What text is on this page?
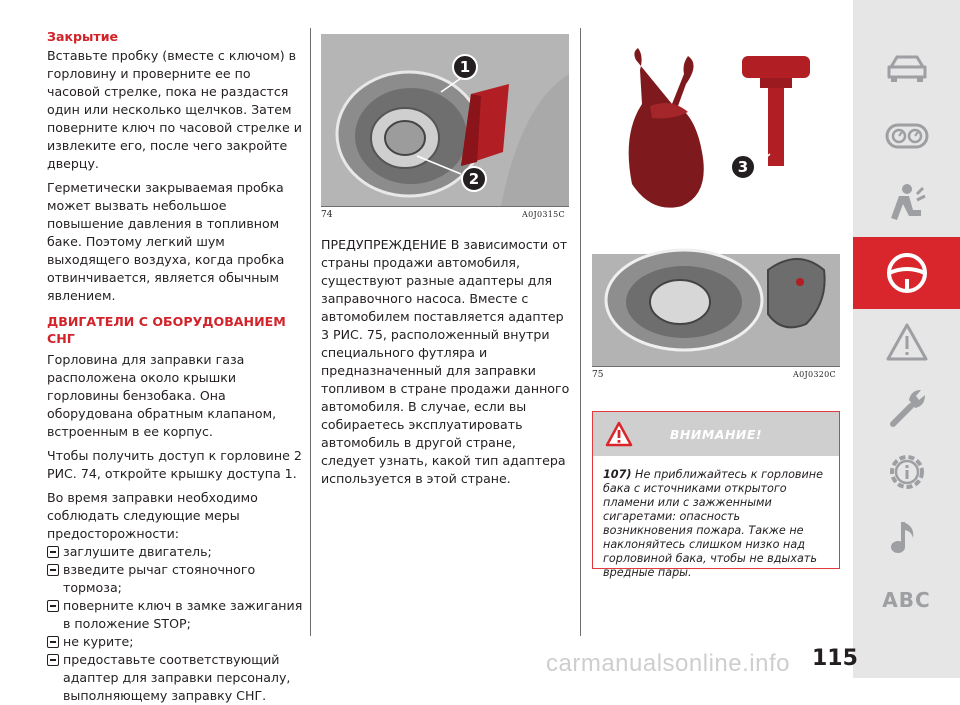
Закрытие

Вставьте пробку (вместе с ключом) в горловину и проверните ее по часовой стрелке, пока не раздастся один или несколько щелчков. Затем поверните ключ по часовой стрелке и извлеките его, после чего закройте дверцу.

Герметически закрываемая пробка может вызвать небольшое повышение давления в топливном баке. Поэтому легкий шум выходящего воздуха, когда пробка отвинчивается, является обычным явлением.

ДВИГАТЕЛИ С ОБОРУДОВАНИЕМ СНГ

Горловина для заправки газа расположена около крышки горловины бензобака. Она оборудована обратным клапаном, встроенным в ее корпус.

Чтобы получить доступ к горловине 2 РИС. 74, откройте крышку доступа 1.

Во время заправки необходимо соблюдать следующие меры предосторожности:

заглушите двигатель;
взведите рычаг стояночного тормоза;
поверните ключ в замке зажигания в положение STOP;
не курите;
предоставьте соответствующий адаптер для заправки персоналу, выполняющему заправку СНГ.
1
2
74	A0J0315C

ПРЕДУПРЕЖДЕНИЕ В зависимости от страны продажи автомобиля, существуют разные адаптеры для заправочного насоса. Вместе с автомобилем поставляется адаптер 3 РИС. 75, расположенный внутри специального футляра и предназначенный для заправки топливом в стране продажи данного автомобиля. В случае, если вы собираетесь эксплуатировать автомобиль в другой стране, следует узнать, какой тип адаптера используется в этой стране.

3
75	A0J0320C
ВНИМАНИЕ!
107) Не приближайтесь к горловине бака с источниками открытого пламени или с зажженными сигаретами: опасность возникновения пожара. Также не наклоняйтесь слишком низко над горловиной бака, чтобы не вдыхать вредные пары.
ABC
115
carmanualsonline.info
